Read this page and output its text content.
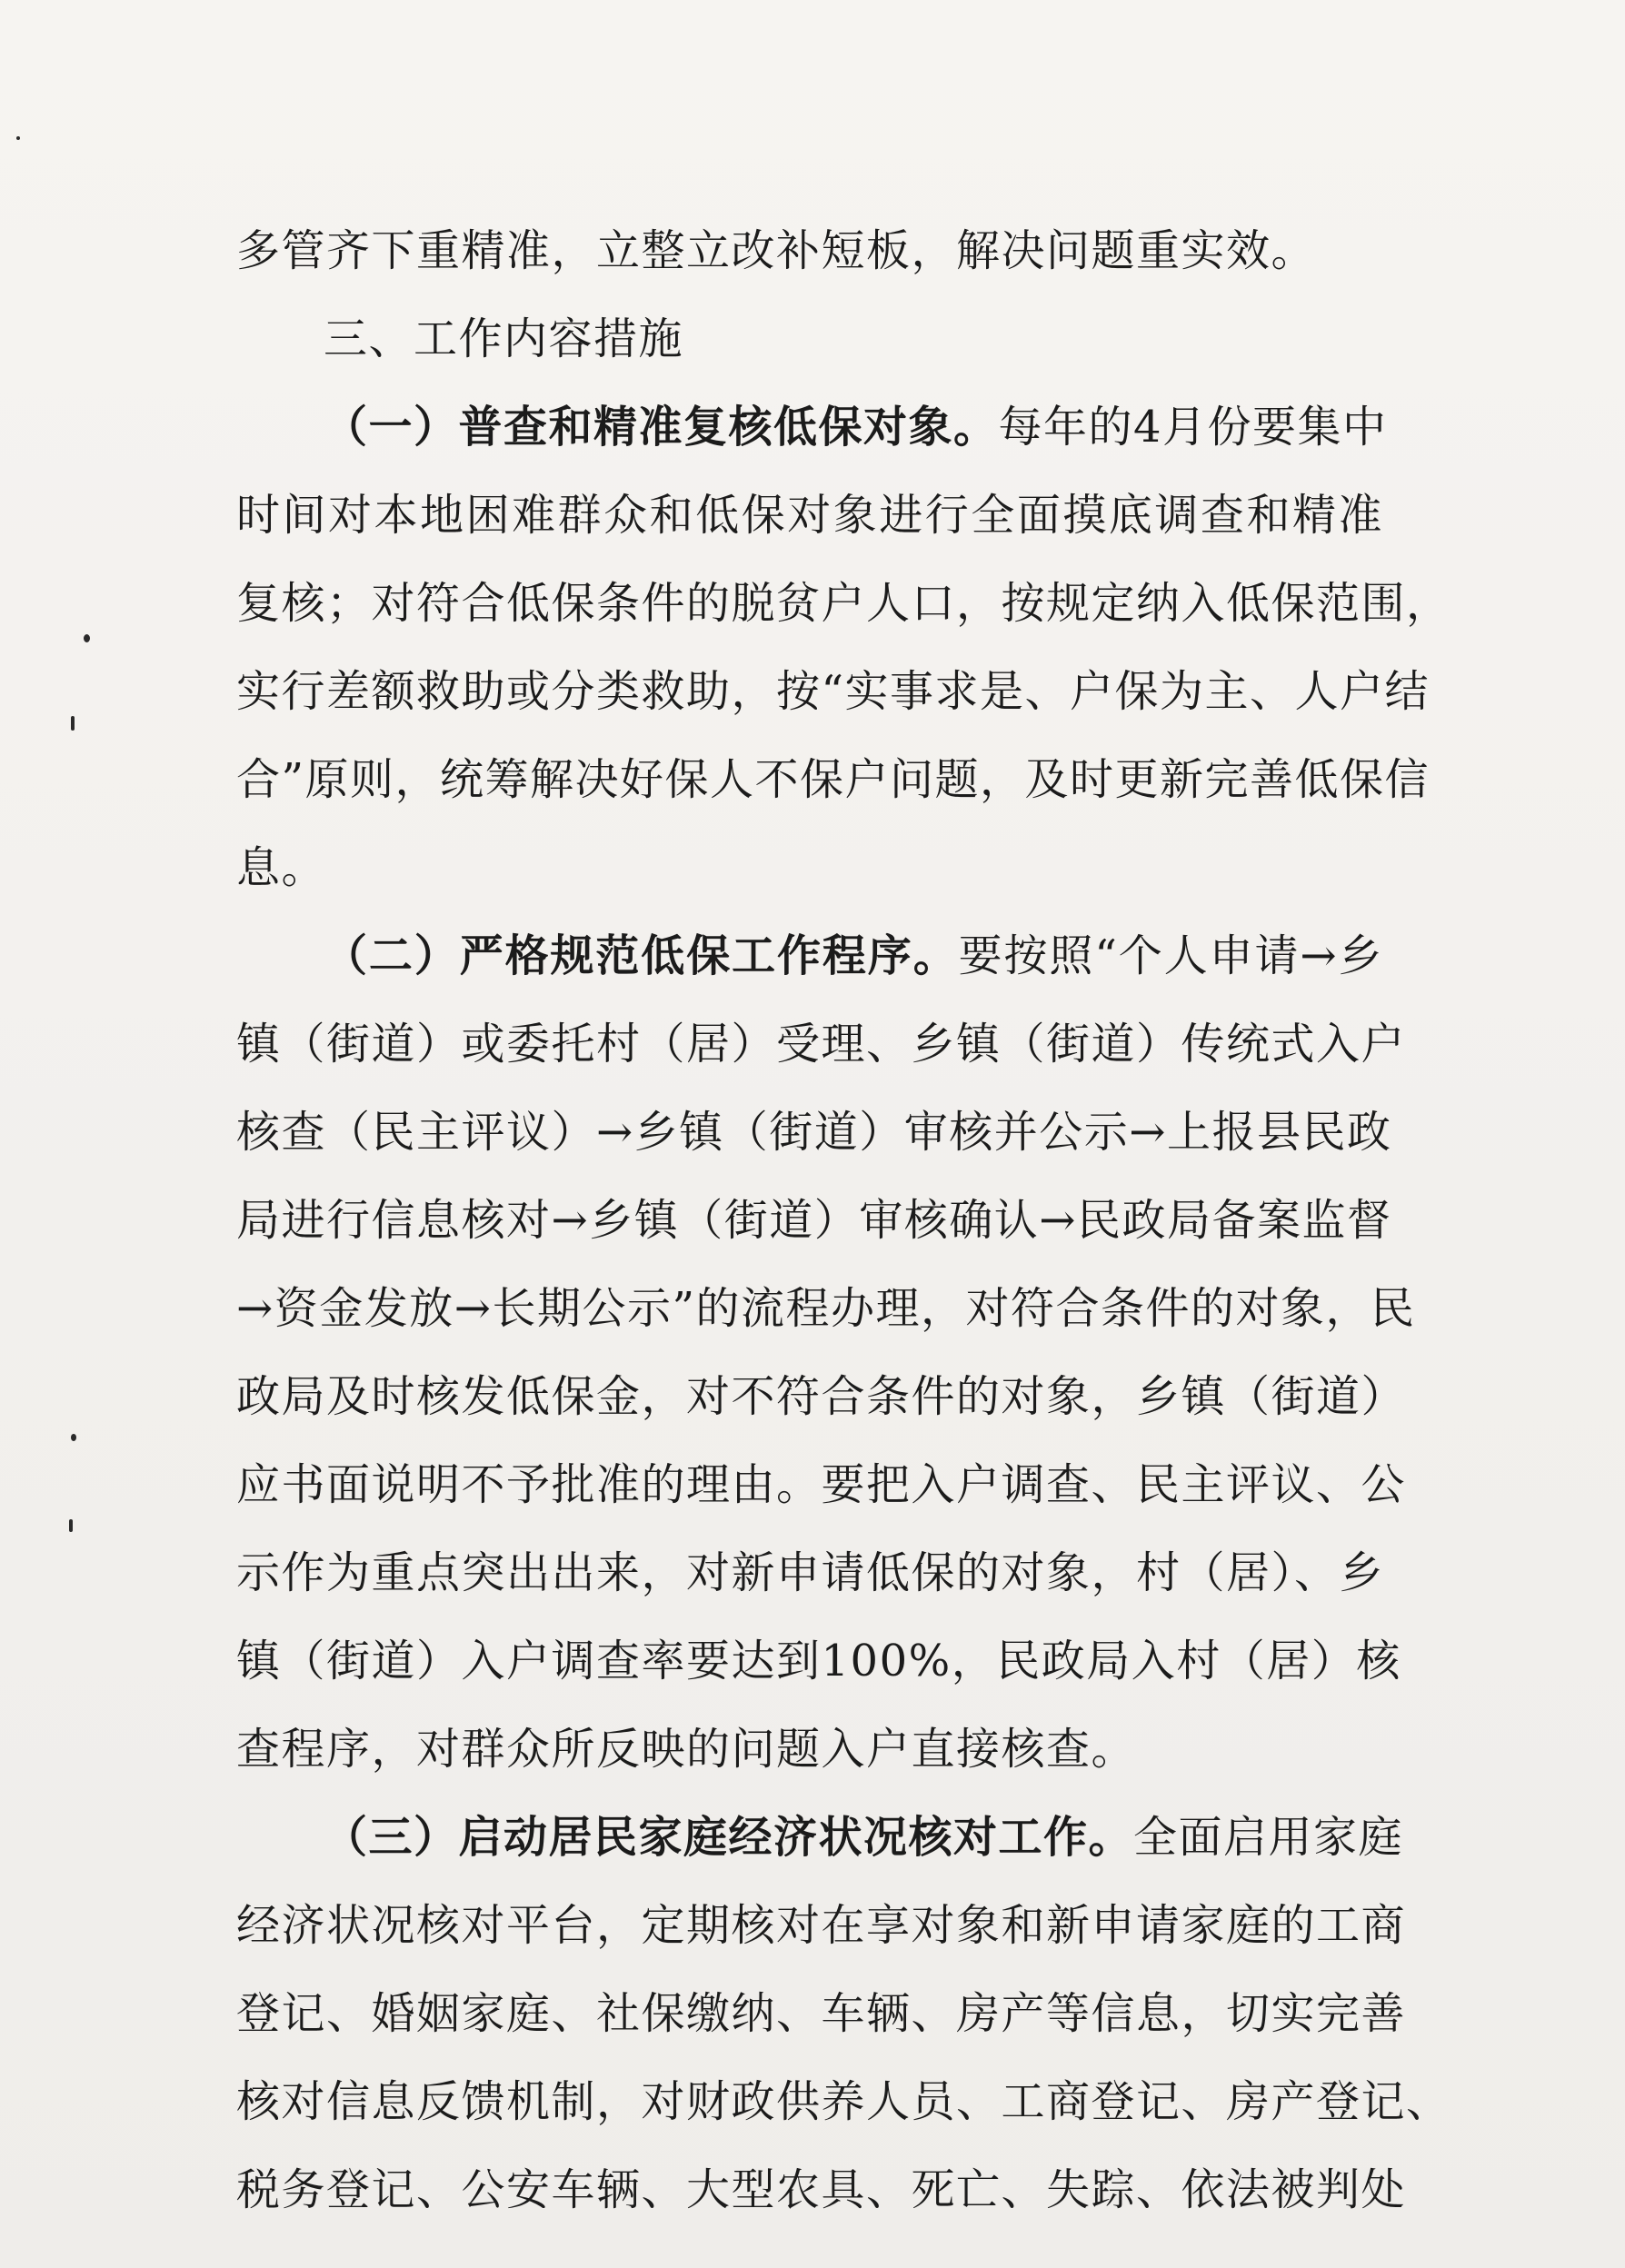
多管齐下重精准，立整立改补短板，解决问题重实效。
三、工作内容措施
（一）普查和精准复核低保对象。每年的4月份要集中
时间对本地困难群众和低保对象进行全面摸底调查和精准
复核；对符合低保条件的脱贫户人口，按规定纳入低保范围，
实行差额救助或分类救助，按“实事求是、户保为主、人户结
合”原则，统筹解决好保人不保户问题，及时更新完善低保信
息。
（二）严格规范低保工作程序。要按照“个人申请→乡
镇（街道）或委托村（居）受理、乡镇（街道）传统式入户
核查（民主评议）→乡镇（街道）审核并公示→上报县民政
局进行信息核对→乡镇（街道）审核确认→民政局备案监督
→资金发放→长期公示”的流程办理，对符合条件的对象，民
政局及时核发低保金，对不符合条件的对象，乡镇（街道）
应书面说明不予批准的理由。要把入户调查、民主评议、公
示作为重点突出出来，对新申请低保的对象，村（居）、乡
镇（街道）入户调查率要达到100%，民政局入村（居）核
查程序，对群众所反映的问题入户直接核查。
（三）启动居民家庭经济状况核对工作。全面启用家庭
经济状况核对平台，定期核对在享对象和新申请家庭的工商
登记、婚姻家庭、社保缴纳、车辆、房产等信息，切实完善
核对信息反馈机制，对财政供养人员、工商登记、房产登记、
税务登记、公安车辆、大型农具、死亡、失踪、依法被判处
